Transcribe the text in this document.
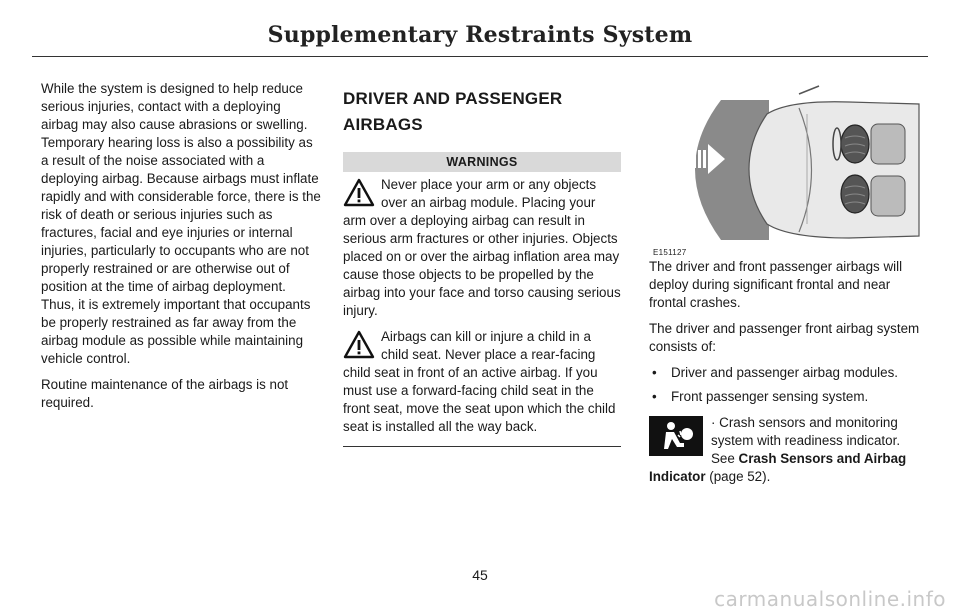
Supplementary Restraints System

While the system is designed to help reduce serious injuries, contact with a deploying airbag may also cause abrasions or swelling. Temporary hearing loss is also a possibility as a result of the noise associated with a deploying airbag. Because airbags must inflate rapidly and with considerable force, there is the risk of death or serious injuries such as fractures, facial and eye injuries or internal injuries, particularly to occupants who are not properly restrained or are otherwise out of position at the time of airbag deployment. Thus, it is extremely important that occupants be properly restrained as far away from the airbag module as possible while maintaining vehicle control.

Routine maintenance of the airbags is not required.

DRIVER AND PASSENGER
AIRBAGS
WARNINGS

Never place your arm or any objects over an airbag module. Placing your arm over a deploying airbag can result in serious arm fractures or other injuries. Objects placed on or over the airbag inflation area may cause those objects to be propelled by the airbag into your face and torso causing serious injury.

Airbags can kill or injure a child in a child seat. Never place a rear-facing child seat in front of an active airbag. If you must use a forward-facing child seat in the front seat, move the seat upon which the child seat is installed all the way back.

E151127

The driver and front passenger airbags will deploy during significant frontal and near frontal crashes.

The driver and passenger front airbag system consists of:

• Driver and passenger airbag modules.
• Front passenger sensing system.
· Crash sensors and monitoring system with readiness indicator. See Crash Sensors and Airbag Indicator (page 52).
45
carmanualsonline.info
